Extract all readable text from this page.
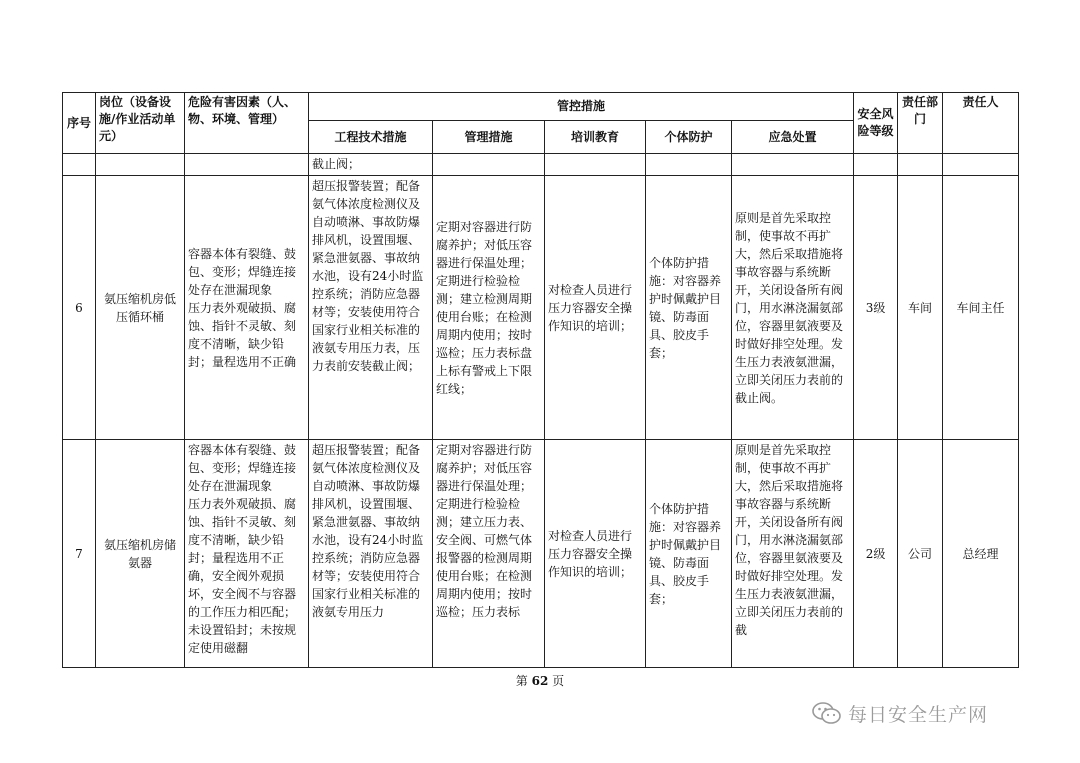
序号	岗位（设备设施/作业活动单元）	危险有害因素（人、物、环境、管理）	管控措施					安全风险等级	责任部门	责任人
			工程技术措施	管理措施	培训教育	个体防护	应急处置			
			截止阀；							
6	氨压缩机房低压循环桶	容器本体有裂缝、鼓包、变形；焊缝连接处存在泄漏现象
压力表外观破损、腐蚀、指针不灵敏、刻度不清晰，缺少铅封；量程选用不正确	超压报警装置；配备氨气体浓度检测仪及自动喷淋、事故防爆排风机，设置围堰、紧急泄氨器、事故纳水池，设有24小时监控系统；消防应急器材等；安装使用符合国家行业相关标准的液氨专用压力表，压力表前安装截止阀；	定期对容器进行防腐养护；对低压容器进行保温处理；定期进行检验检测；建立检测周期使用台账；在检测周期内使用；按时巡检；压力表标盘上标有警戒上下限红线；	对检查人员进行压力容器安全操作知识的培训；	个体防护措施：对容器养护时佩戴护目镜、防毒面具、胶皮手套；	原则是首先采取控制，使事故不再扩大，然后采取措施将事故容器与系统断开，关闭设备所有阀门，用水淋浇漏氨部位，容器里氨液要及时做好排空处理。发生压力表液氨泄漏，立即关闭压力表前的截止阀。	3级	车间	车间主任
7	氨压缩机房储氨器	容器本体有裂缝、鼓包、变形；焊缝连接处存在泄漏现象
压力表外观破损、腐蚀、指针不灵敏、刻度不清晰，缺少铅封；量程选用不正确，安全阀外观损坏，安全阀不与容器的工作压力相匹配；未设置铅封；未按规定使用磁翻	超压报警装置；配备氨气体浓度检测仪及自动喷淋、事故防爆排风机，设置围堰、紧急泄氨器、事故纳水池，设有24小时监控系统；消防应急器材等；安装使用符合国家行业相关标准的液氨专用压力	定期对容器进行防腐养护；对低压容器进行保温处理；定期进行检验检测；建立压力表、安全阀、可燃气体报警器的检测周期使用台账；在检测周期内使用；按时巡检；压力表标	对检查人员进行压力容器安全操作知识的培训；	个体防护措施：对容器养护时佩戴护目镜、防毒面具、胶皮手套；	原则是首先采取控制，使事故不再扩大，然后采取措施将事故容器与系统断开，关闭设备所有阀门，用水淋浇漏氨部位，容器里氨液要及时做好排空处理。发生压力表液氨泄漏，立即关闭压力表前的截	2级	公司	总经理
第 62 页
每日安全生产网
